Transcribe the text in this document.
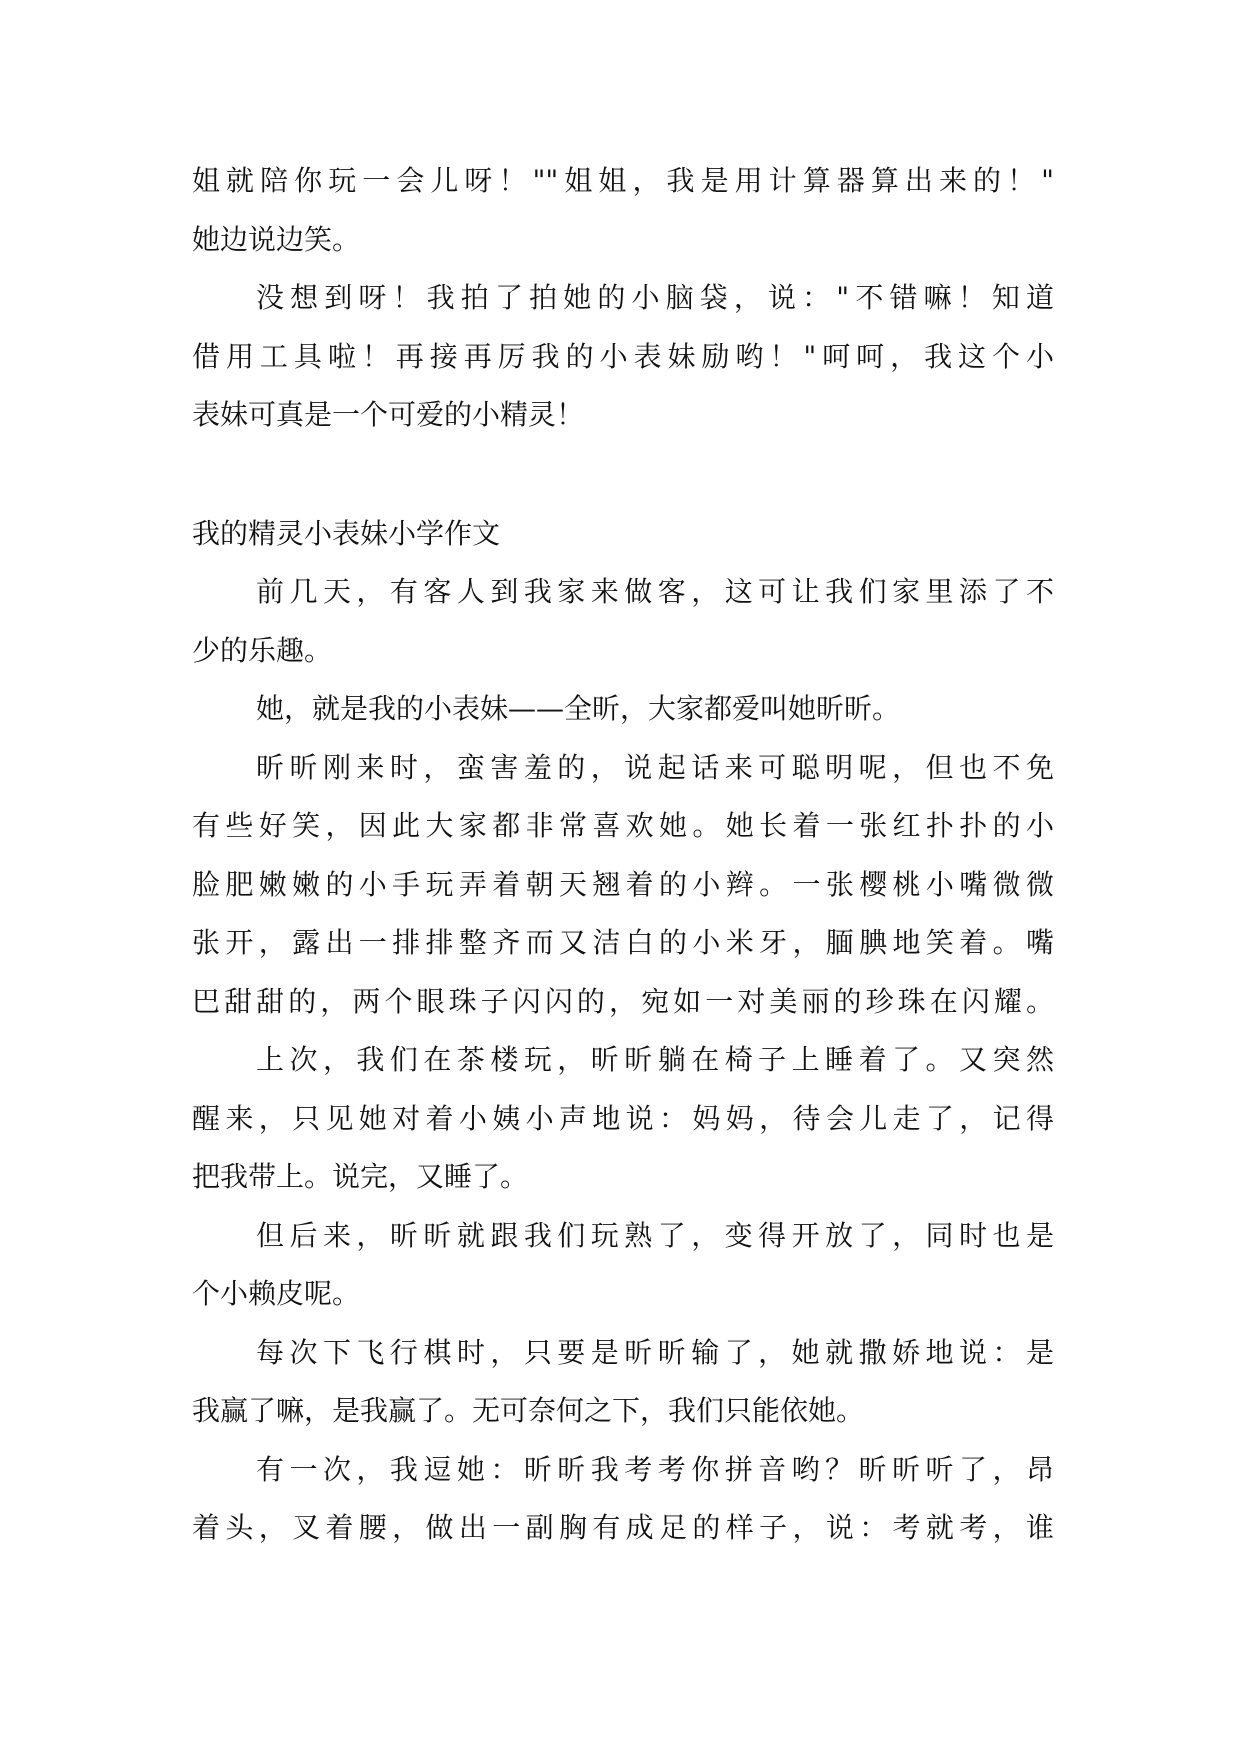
姐就陪你玩一会儿呀！""姐姐，我是用计算器算出来的！"
她边说边笑。
没想到呀！我拍了拍她的小脑袋，说："不错嘛！知道
借用工具啦！再接再厉我的小表妹励哟！"呵呵，我这个小
表妹可真是一个可爱的小精灵！
我的精灵小表妹小学作文
前几天，有客人到我家来做客，这可让我们家里添了不
少的乐趣。
她，就是我的小表妹——全昕，大家都爱叫她昕昕。
昕昕刚来时，蛮害羞的，说起话来可聪明呢，但也不免
有些好笑，因此大家都非常喜欢她。她长着一张红扑扑的小
脸肥嫩嫩的小手玩弄着朝天翘着的小辫。一张樱桃小嘴微微
张开，露出一排排整齐而又洁白的小米牙，腼腆地笑着。嘴
巴甜甜的，两个眼珠子闪闪的，宛如一对美丽的珍珠在闪耀。
上次，我们在茶楼玩，昕昕躺在椅子上睡着了。又突然
醒来，只见她对着小姨小声地说：妈妈，待会儿走了，记得
把我带上。说完，又睡了。
但后来，昕昕就跟我们玩熟了，变得开放了，同时也是
个小赖皮呢。
每次下飞行棋时，只要是昕昕输了，她就撒娇地说：是
我赢了嘛，是我赢了。无可奈何之下，我们只能依她。
有一次，我逗她：昕昕我考考你拼音哟？昕昕听了，昂
着头，叉着腰，做出一副胸有成足的样子，说：考就考，谁
